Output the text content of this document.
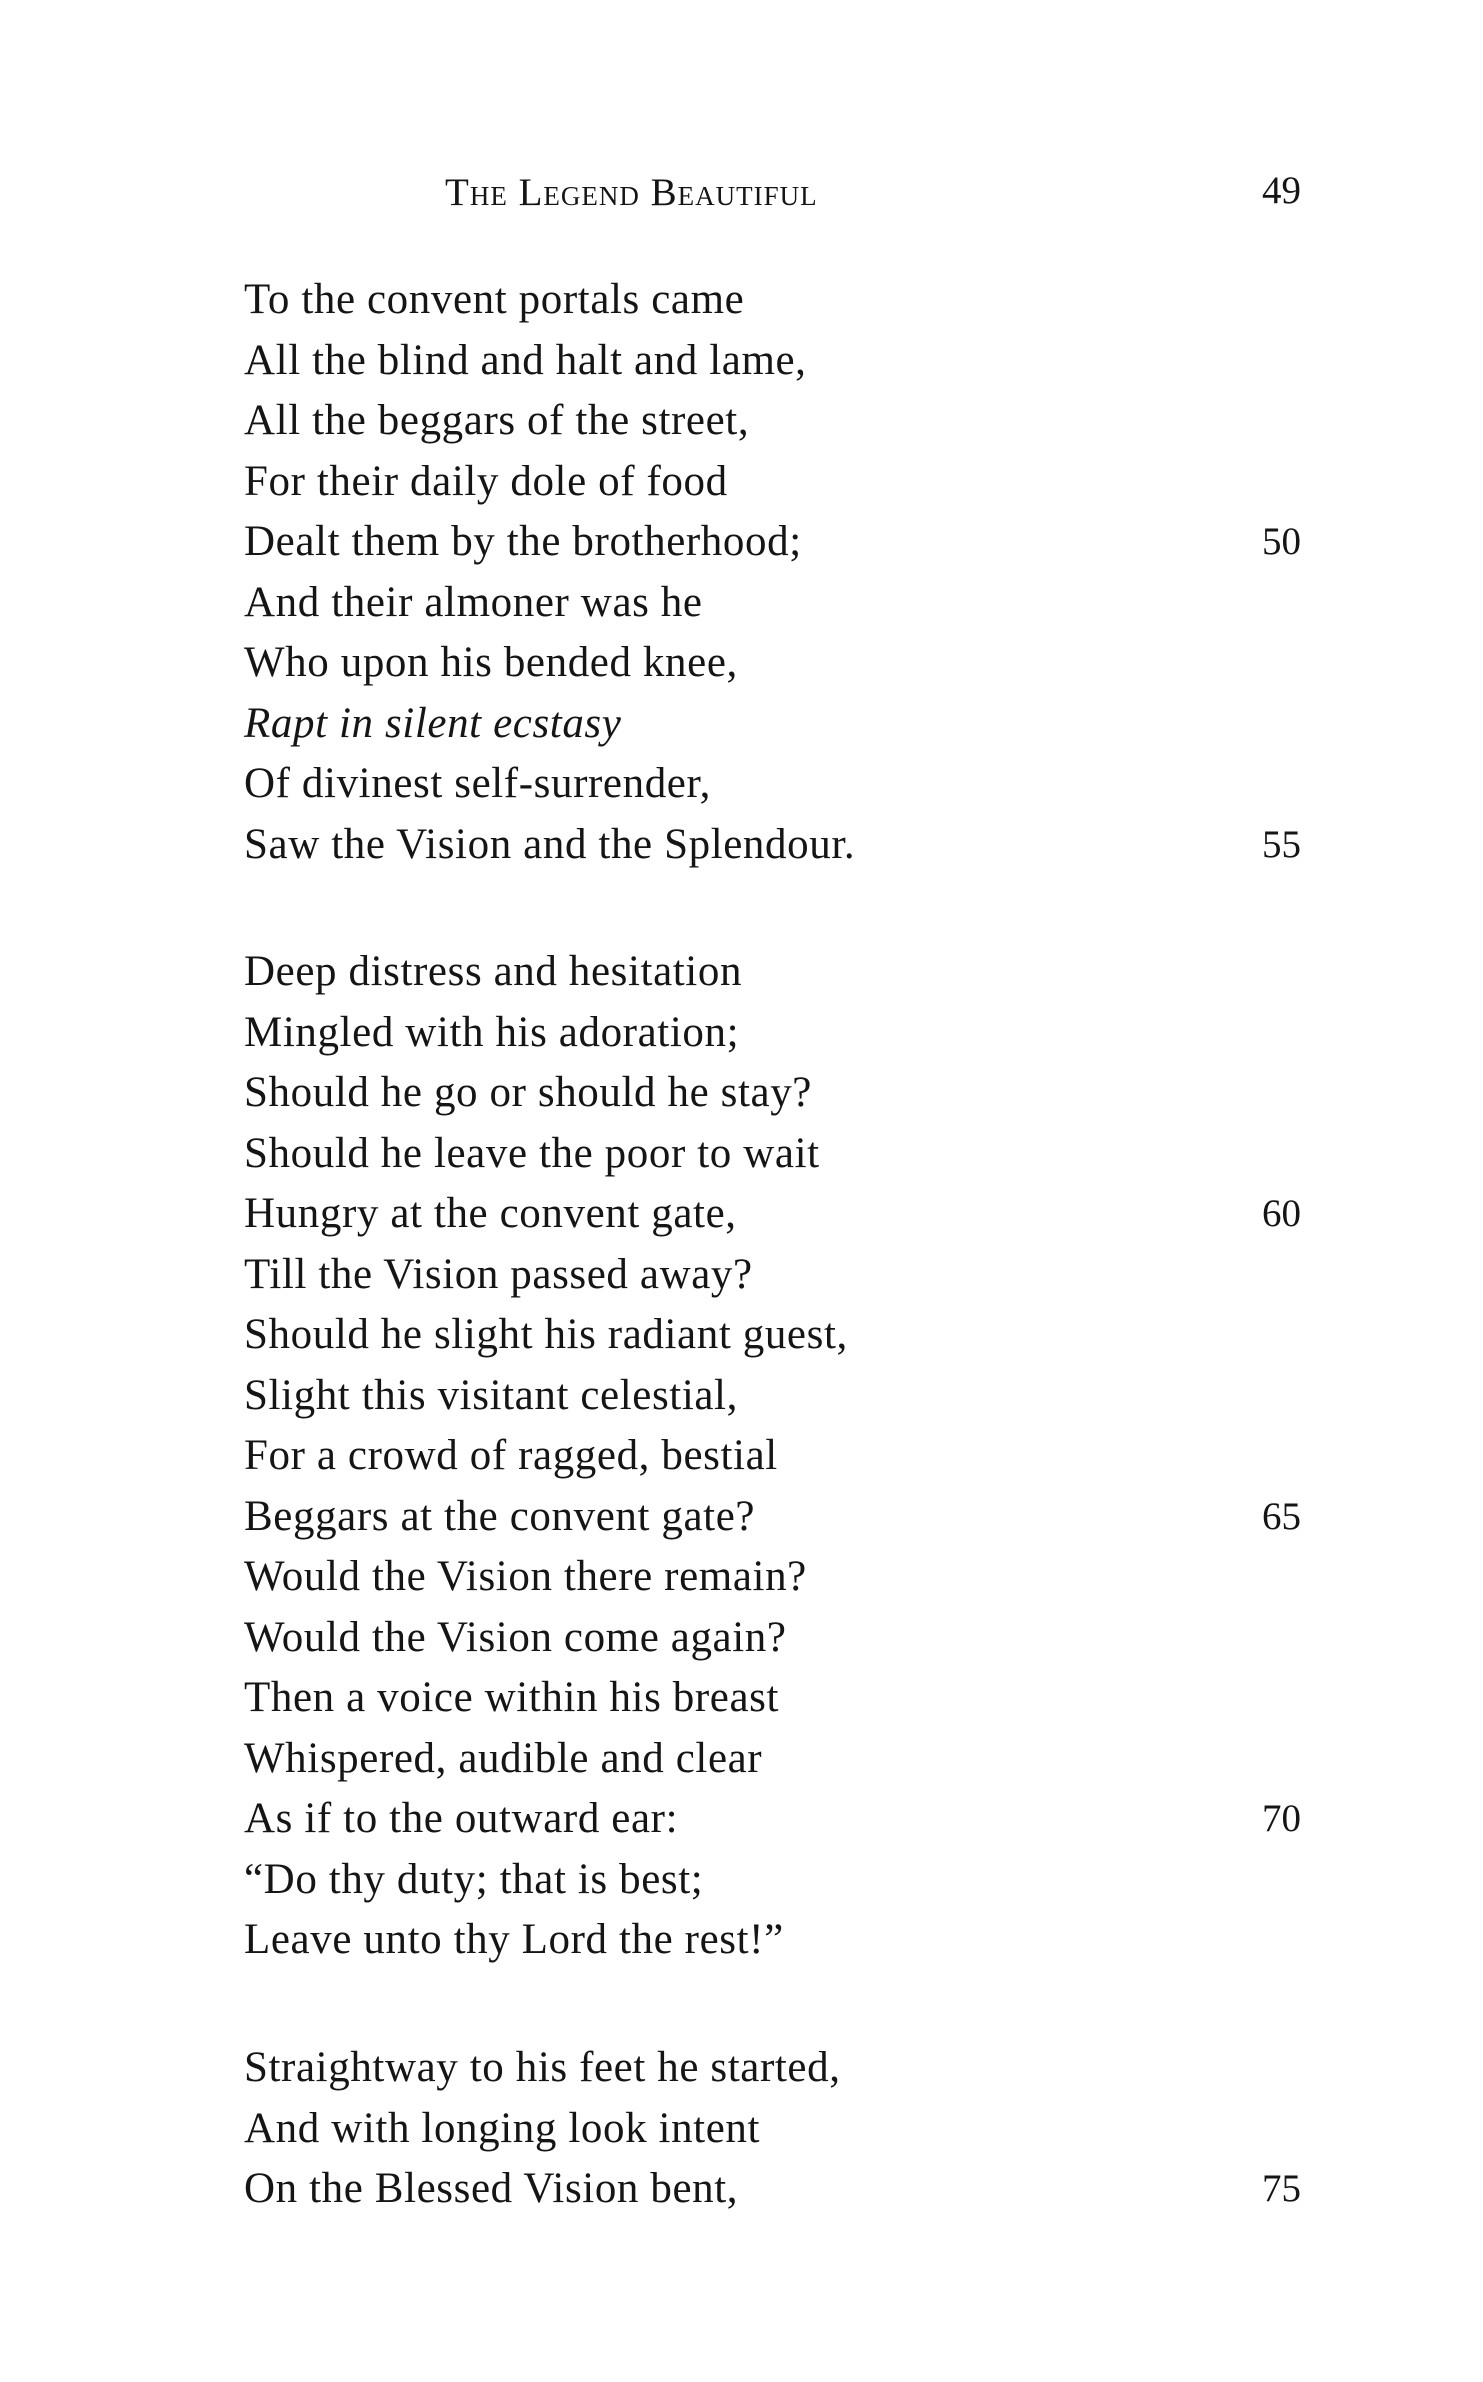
The Legend Beautiful	49
To the convent portals came
All the blind and halt and lame,
All the beggars of the street,
For their daily dole of food
Dealt them by the brotherhood;	50
And their almoner was he
Who upon his bended knee,
Rapt in silent ecstasy
Of divinest self-surrender,
Saw the Vision and the Splendour.	55
Deep distress and hesitation
Mingled with his adoration;
Should he go or should he stay?
Should he leave the poor to wait
Hungry at the convent gate,	60
Till the Vision passed away?
Should he slight his radiant guest,
Slight this visitant celestial,
For a crowd of ragged, bestial
Beggars at the convent gate?	65
Would the Vision there remain?
Would the Vision come again?
Then a voice within his breast
Whispered, audible and clear
As if to the outward ear:	70
“Do thy duty; that is best;
Leave unto thy Lord the rest!”
Straightway to his feet he started,
And with longing look intent
On the Blessed Vision bent,	75
